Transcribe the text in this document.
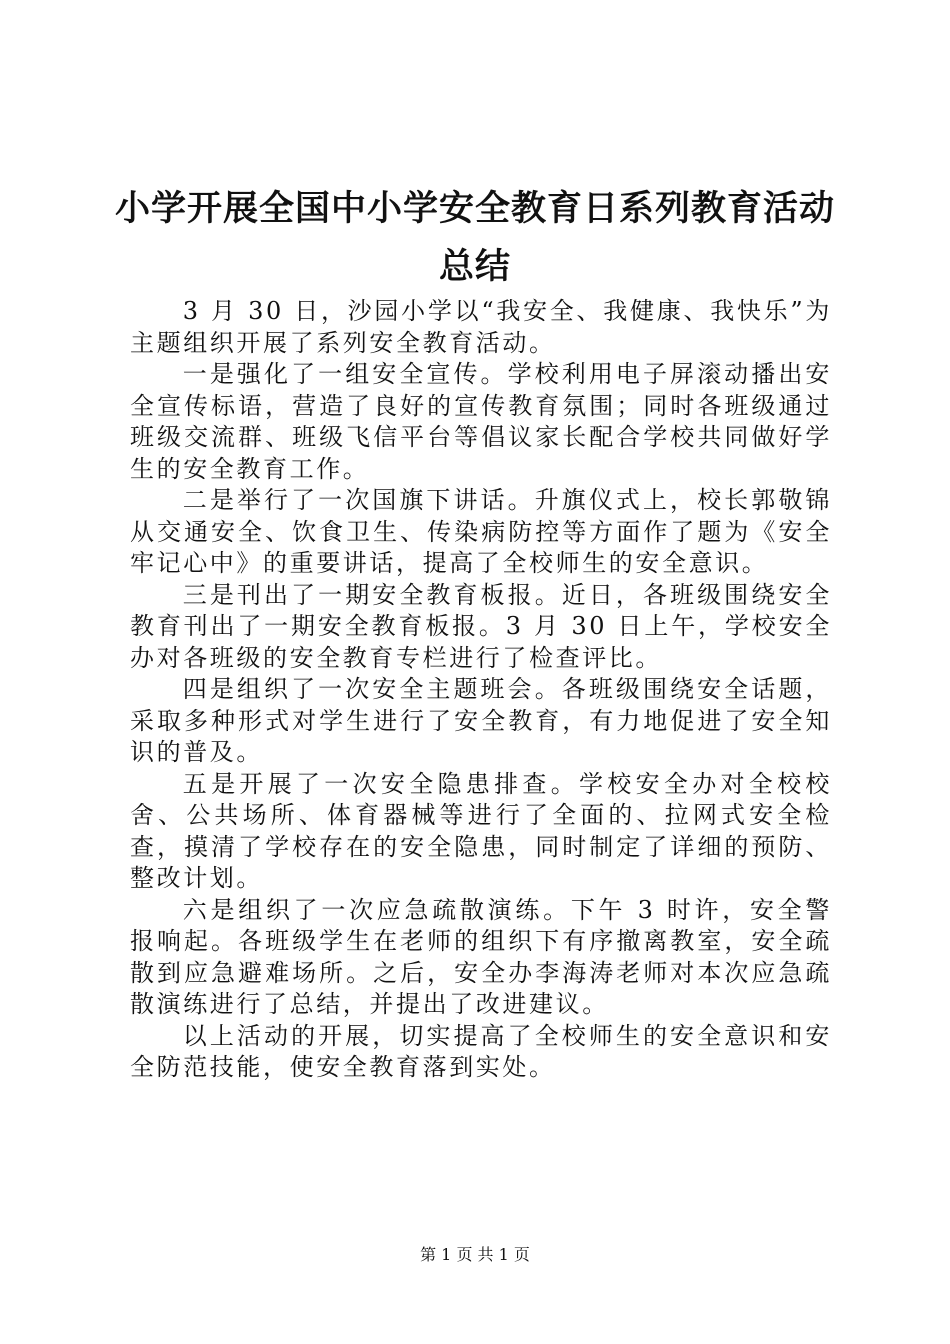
小学开展全国中小学安全教育日系列教育活动
总结

3 月 30 日，沙园小学以“我安全、我健康、我快乐”为主题组织开展了系列安全教育活动。

一是强化了一组安全宣传。学校利用电子屏滚动播出安全宣传标语，营造了良好的宣传教育氛围；同时各班级通过班级交流群、班级飞信平台等倡议家长配合学校共同做好学生的安全教育工作。

二是举行了一次国旗下讲话。升旗仪式上，校长郭敬锦从交通安全、饮食卫生、传染病防控等方面作了题为《安全牢记心中》的重要讲话，提高了全校师生的安全意识。

三是刊出了一期安全教育板报。近日，各班级围绕安全教育刊出了一期安全教育板报。3 月 30 日上午，学校安全办对各班级的安全教育专栏进行了检查评比。

四是组织了一次安全主题班会。各班级围绕安全话题，采取多种形式对学生进行了安全教育，有力地促进了安全知识的普及。

五是开展了一次安全隐患排查。学校安全办对全校校舍、公共场所、体育器械等进行了全面的、拉网式安全检查，摸清了学校存在的安全隐患，同时制定了详细的预防、整改计划。

六是组织了一次应急疏散演练。下午 3 时许，安全警报响起。各班级学生在老师的组织下有序撤离教室，安全疏散到应急避难场所。之后，安全办李海涛老师对本次应急疏散演练进行了总结，并提出了改进建议。

以上活动的开展，切实提高了全校师生的安全意识和安全防范技能，使安全教育落到实处。

第 1 页 共 1 页
